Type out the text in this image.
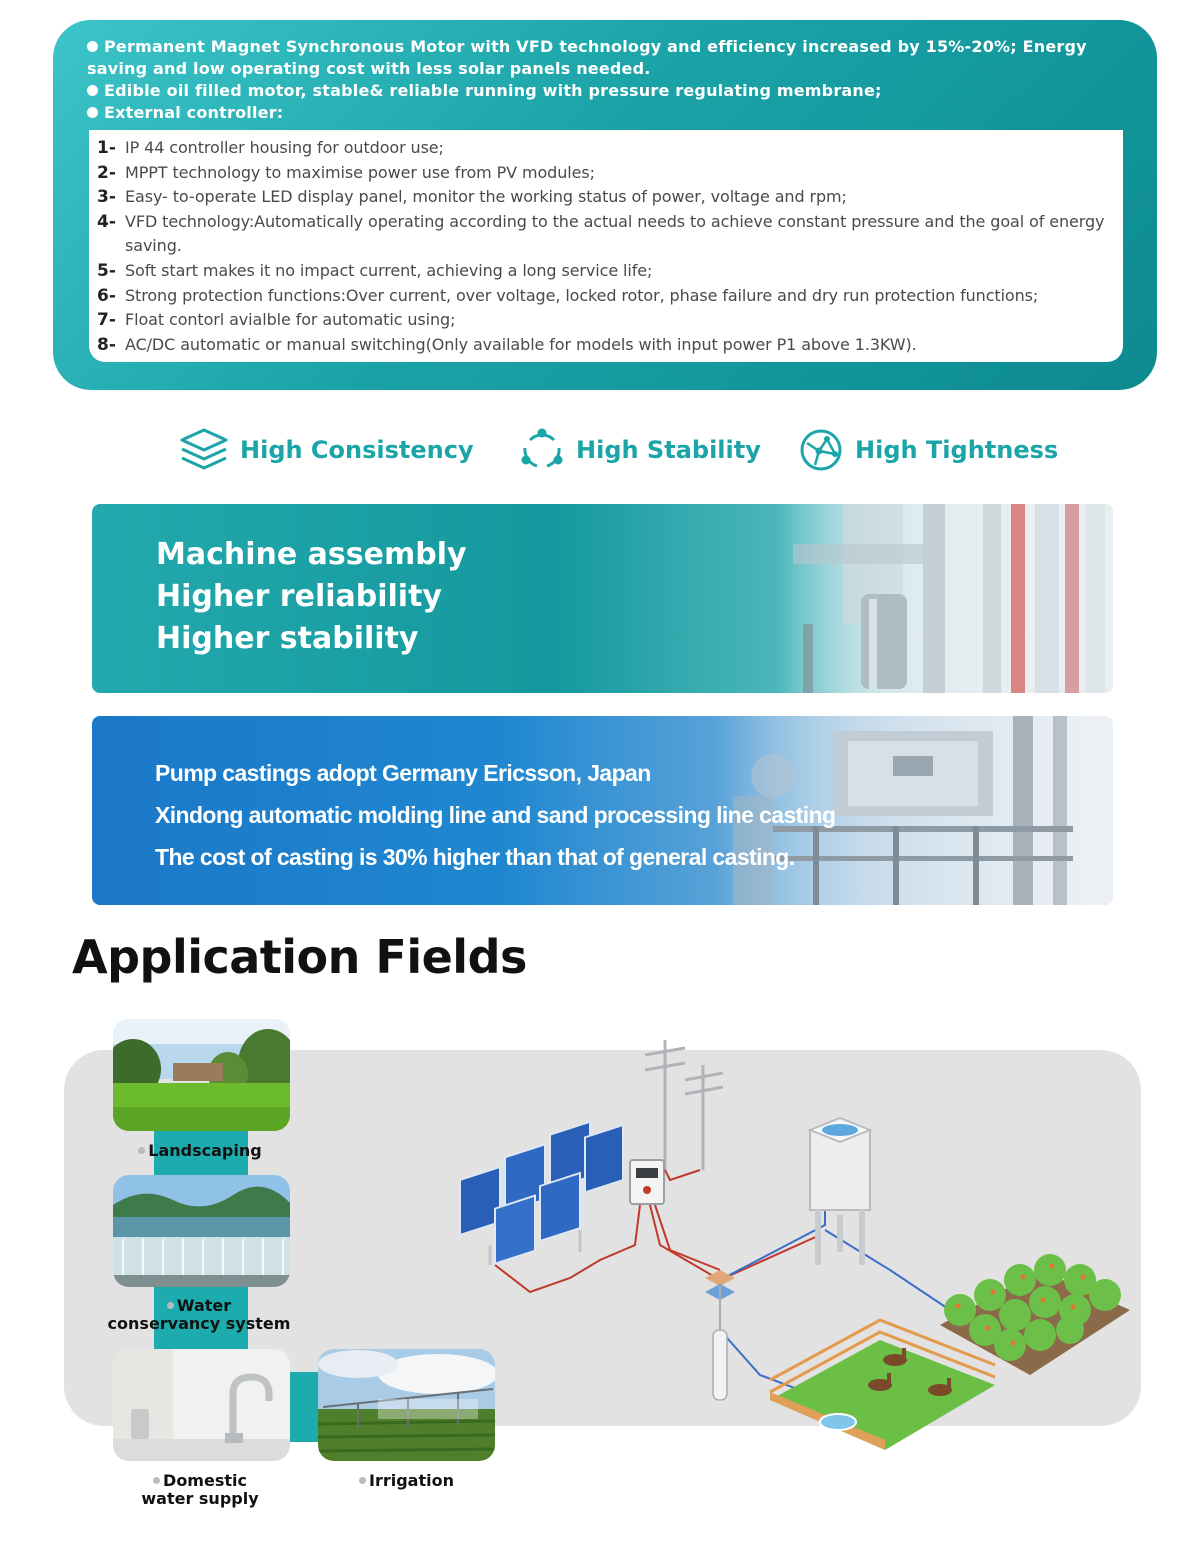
Permanent Magnet Synchronous Motor with VFD technology and efficiency increased by 15%-20%; Energy saving and low operating cost with less solar panels needed.
Edible oil filled motor, stable& reliable running with pressure regulating membrane;
External controller:
1- IP 44 controller housing for outdoor use;
2- MPPT technology to maximise power use from PV modules;
3- Easy- to-operate LED display panel, monitor the working status of power, voltage and rpm;
4- VFD technology:Automatically operating according to the actual needs to achieve constant pressure and the goal of energy saving.
5- Soft start makes it no impact current, achieving a long service life;
6- Strong protection functions:Over current, over voltage, locked rotor, phase failure and dry run protection functions;
7- Float contorl avialble for automatic using;
8- AC/DC automatic or manual switching(Only available for models with input power P1 above 1.3KW).
High Consistency	High Stability	High Tightness
Machine assembly
Higher reliability
Higher stability
Pump castings adopt Germany Ericsson, Japan
Xindong automatic molding line and sand processing line casting
The cost of casting is 30% higher than that of general casting.
Application Fields
Landscaping
Water
conservancy system
Domestic
water supply
Irrigation
